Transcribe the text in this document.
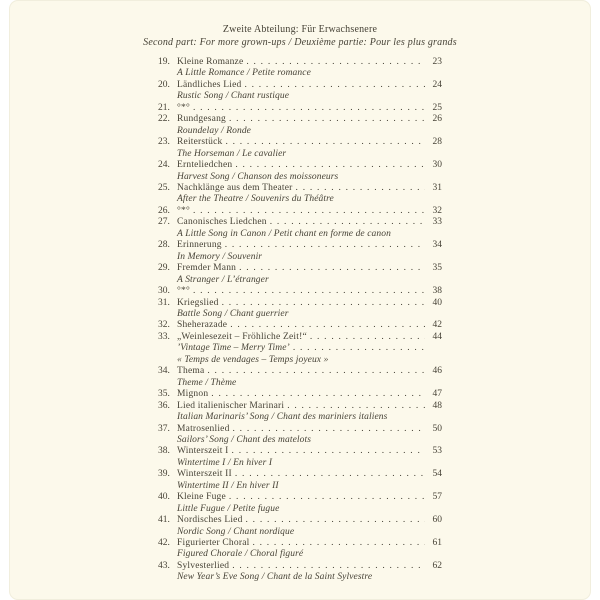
Zweite Abteilung: Für Erwachsenere
Second part: For more grown-ups / Deuxième partie: Pour les plus grands
19. Kleine Romanze . . .	23
A Little Romance / Petite romance
20. Ländliches Lied . . .	24
Rustic Song / Chant rustique
21. °*° . . .	25
22. Rundgesang . . .	26
Roundelay / Ronde
23. Reiterstück . . .	28
The Horseman / Le cavalier
24. Ernteliedchen . . .	30
Harvest Song / Chanson des moissoneurs
25. Nachklänge aus dem Theater . . .	31
After the Theatre / Souvenirs du Théâtre
26. °*° . . .	32
27. Canonisches Liedchen . . .	33
A Little Song in Canon / Petit chant en forme de canon
28. Erinnerung . . .	34
In Memory / Souvenir
29. Fremder Mann . . .	35
A Stranger / L’étranger
30. °*° . . .	38
31. Kriegslied . . .	40
Battle Song / Chant guerrier
32. Sheherazade . . .	42
33. „Weinlesezeit – Fröhliche Zeit!“ . . .	44
’Vintage Time – Merry Time’
. . .
« Temps de vendages – Temps joyeux »
34. Thema . . .	46
Theme / Thème
35. Mignon . . .	47
36. Lied italienischer Marinari . . .	48
Italian Marinaris’ Song / Chant des mariniers italiens
37. Matrosenlied . . .	50
Sailors’ Song / Chant des matelots
38. Winterszeit I . . .	53
Wintertime I / En hiver I
39. Winterszeit II . . .	54
Wintertime II / En hiver II
40. Kleine Fuge . . .	57
Little Fugue / Petite fugue
41. Nordisches Lied . . .	60
Nordic Song / Chant nordique
42. Figurierter Choral . . .	61
Figured Chorale / Choral figuré
43. Sylvesterlied . . .	62
New Year’s Eve Song / Chant de la Saint Sylvestre
